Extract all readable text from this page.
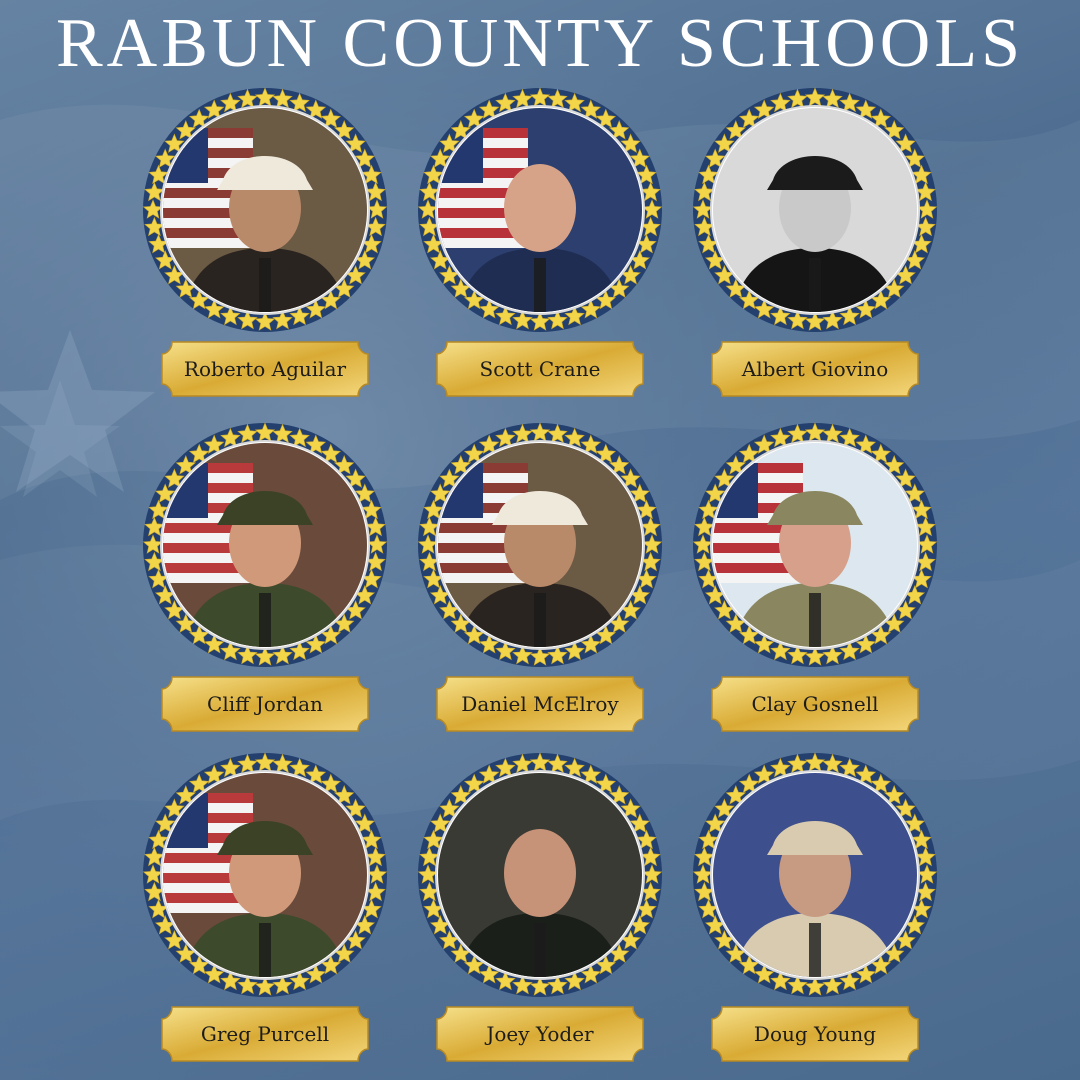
RABUN COUNTY SCHOOLS
Roberto Aguilar	Scott Crane	Albert Giovino
Cliff Jordan	Daniel McElroy	Clay Gosnell
Greg Purcell	Joey Yoder	Doug Young
